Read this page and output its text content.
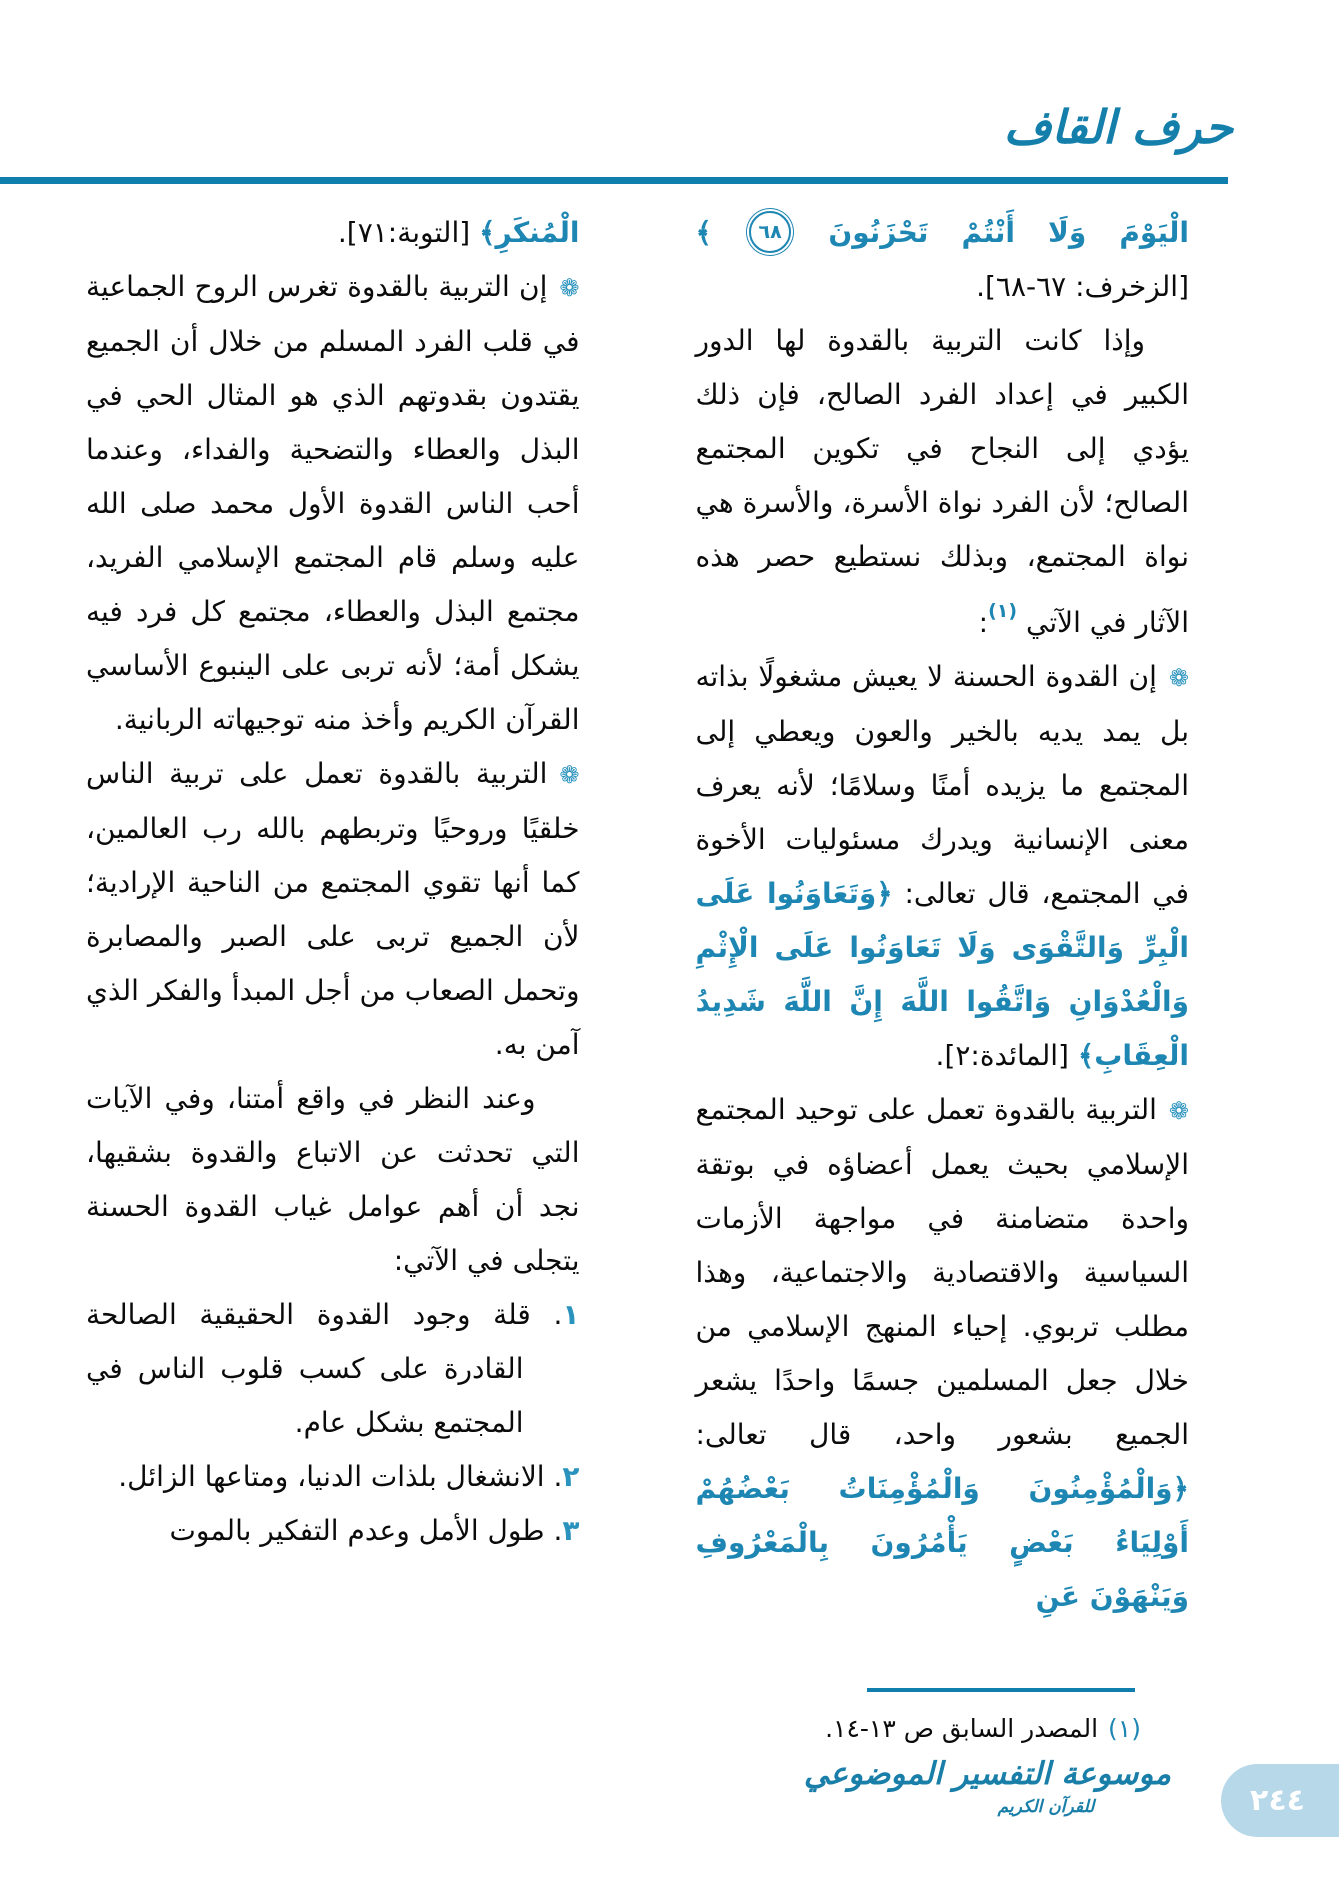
حرف القاف

الْيَوْمَ وَلَا أَنْتُمْ تَحْزَنُونَ
٦٨
﴾ [الزخرف: ٦٧-٦٨].

وإذا كانت التربية بالقدوة لها الدور الكبير في إعداد الفرد الصالح، فإن ذلك يؤدي إلى النجاح في تكوين المجتمع الصالح؛ لأن الفرد نواة الأسرة، والأسرة هي نواة المجتمع، وبذلك نستطيع حصر هذه الآثار في الآتي $^{(١)}$:

❁إن القدوة الحسنة لا يعيش مشغولًا بذاته بل يمد يديه بالخير والعون ويعطي إلى المجتمع ما يزيده أمنًا وسلامًا؛ لأنه يعرف معنى الإنسانية ويدرك مسئوليات الأخوة في المجتمع، قال تعالى: ﴿وَتَعَاوَنُوا عَلَى الْبِرِّ وَالتَّقْوَى وَلَا تَعَاوَنُوا عَلَى الْإِثْمِ وَالْعُدْوَانِ وَاتَّقُوا اللَّهَ إِنَّ اللَّهَ شَدِيدُ الْعِقَابِ﴾ [المائدة:٢].

❁التربية بالقدوة تعمل على توحيد المجتمع الإسلامي بحيث يعمل أعضاؤه في بوتقة واحدة متضامنة في مواجهة الأزمات السياسية والاقتصادية والاجتماعية، وهذا مطلب تربوي. إحياء المنهج الإسلامي من خلال جعل المسلمين جسمًا واحدًا يشعر الجميع بشعور واحد، قال تعالى: ﴿وَالْمُؤْمِنُونَ وَالْمُؤْمِنَاتُ بَعْضُهُمْ أَوْلِيَاءُ بَعْضٍ يَأْمُرُونَ بِالْمَعْرُوفِ وَيَنْهَوْنَ عَنِ

الْمُنكَرِ﴾ [التوبة:٧١].

❁إن التربية بالقدوة تغرس الروح الجماعية في قلب الفرد المسلم من خلال أن الجميع يقتدون بقدوتهم الذي هو المثال الحي في البذل والعطاء والتضحية والفداء، وعندما أحب الناس القدوة الأول محمد صلى الله عليه وسلم قام المجتمع الإسلامي الفريد، مجتمع البذل والعطاء، مجتمع كل فرد فيه يشكل أمة؛ لأنه تربى على الينبوع الأساسي القرآن الكريم وأخذ منه توجيهاته الربانية.

❁التربية بالقدوة تعمل على تربية الناس خلقيًا وروحيًا وتربطهم بالله رب العالمين، كما أنها تقوي المجتمع من الناحية الإرادية؛ لأن الجميع تربى على الصبر والمصابرة وتحمل الصعاب من أجل المبدأ والفكر الذي آمن به.

وعند النظر في واقع أمتنا، وفي الآيات التي تحدثت عن الاتباع والقدوة بشقيها، نجد أن أهم عوامل غياب القدوة الحسنة يتجلى في الآتي:

١. قلة وجود القدوة الحقيقية الصالحة القادرة على كسب قلوب الناس في المجتمع بشكل عام.

٢. الانشغال بلذات الدنيا، ومتاعها الزائل.

٣. طول الأمل وعدم التفكير بالموت

(١)المصدر السابق ص ١٣-١٤.
موسوعة التفسير الموضوعي
للقرآن الكريم	٢٤٤
